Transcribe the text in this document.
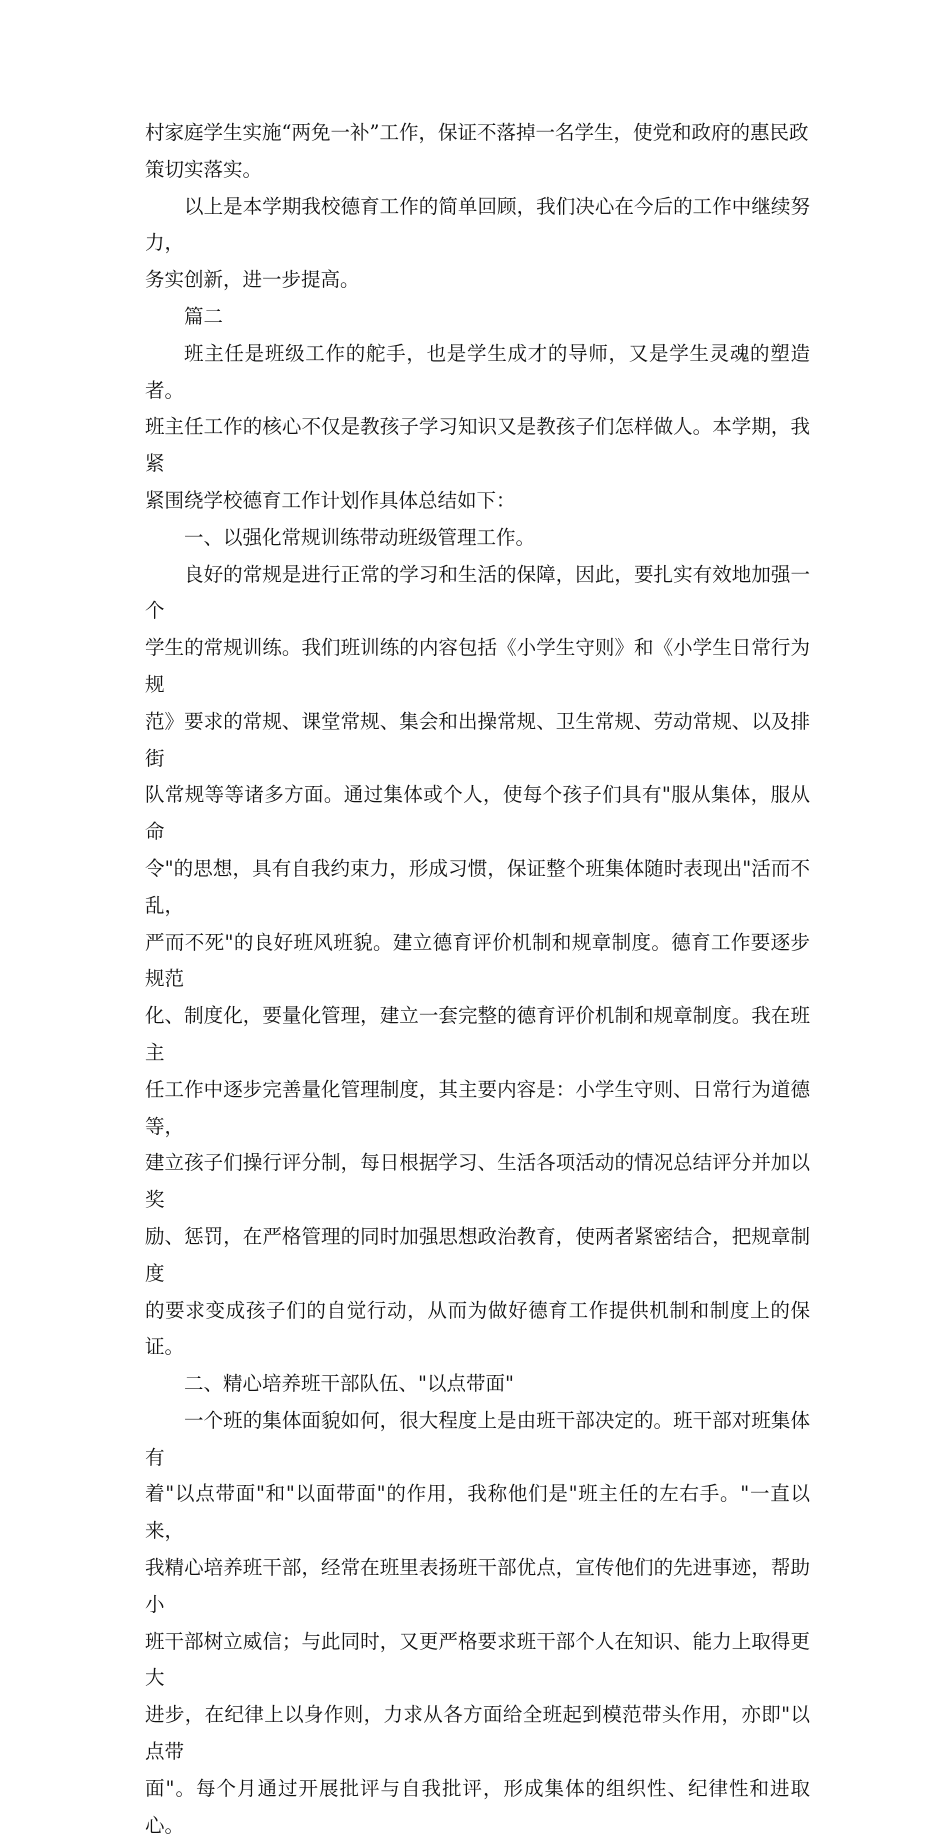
村家庭学生实施“两免一补”工作，保证不落掉一名学生，使党和政府的惠民政
策切实落实。

以上是本学期我校德育工作的简单回顾，我们决心在今后的工作中继续努力，
务实创新，进一步提高。

篇二

班主任是班级工作的舵手，也是学生成才的导师，又是学生灵魂的塑造者。
班主任工作的核心不仅是教孩子学习知识又是教孩子们怎样做人。本学期，我紧
紧围绕学校德育工作计划作具体总结如下：

一、以强化常规训练带动班级管理工作。

良好的常规是进行正常的学习和生活的保障，因此，要扎实有效地加强一个
学生的常规训练。我们班训练的内容包括《小学生守则》和《小学生日常行为规
范》要求的常规、课堂常规、集会和出操常规、卫生常规、劳动常规、以及排街
队常规等等诸多方面。通过集体或个人，使每个孩子们具有"服从集体，服从命
令"的思想，具有自我约束力，形成习惯，保证整个班集体随时表现出"活而不乱，
严而不死"的良好班风班貌。建立德育评价机制和规章制度。德育工作要逐步规范
化、制度化，要量化管理，建立一套完整的德育评价机制和规章制度。我在班主
任工作中逐步完善量化管理制度，其主要内容是：小学生守则、日常行为道德等，
建立孩子们操行评分制，每日根据学习、生活各项活动的情况总结评分并加以奖
励、惩罚，在严格管理的同时加强思想政治教育，使两者紧密结合，把规章制度
的要求变成孩子们的自觉行动，从而为做好德育工作提供机制和制度上的保证。

二、精心培养班干部队伍、"以点带面"

一个班的集体面貌如何，很大程度上是由班干部决定的。班干部对班集体有
着"以点带面"和"以面带面"的作用，我称他们是"班主任的左右手。"一直以来，
我精心培养班干部，经常在班里表扬班干部优点，宣传他们的先进事迹，帮助小
班干部树立威信；与此同时，又更严格要求班干部个人在知识、能力上取得更大
进步，在纪律上以身作则，力求从各方面给全班起到模范带头作用，亦即"以点带
面"。每个月通过开展批评与自我批评，形成集体的组织性、纪律性和进取心。
